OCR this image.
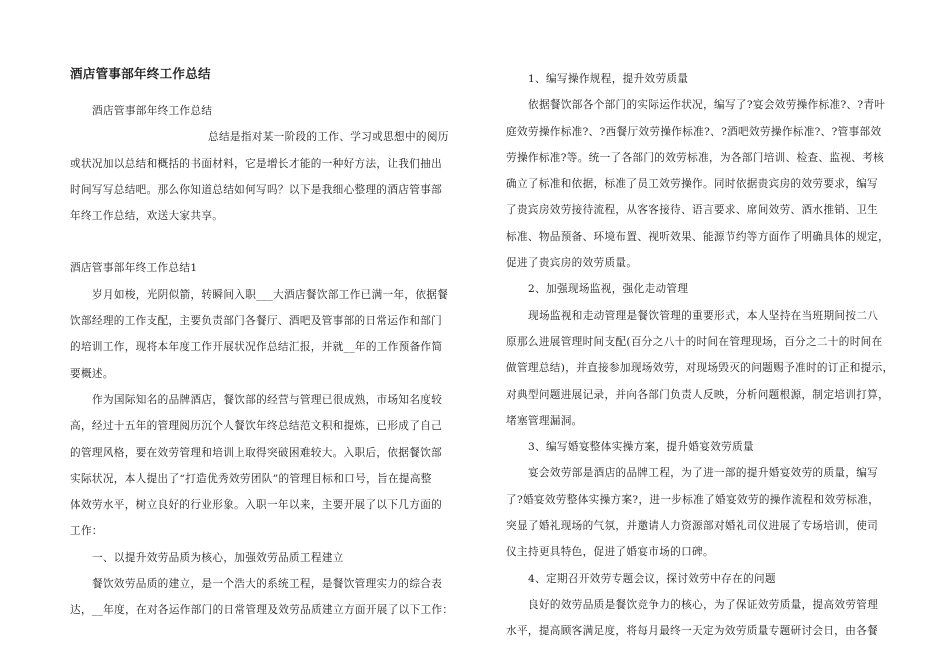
酒店管事部年终工作总结
酒店管事部年终工作总结
总结是指对某一阶段的工作、学习或思想中的阅历
或状况加以总结和概括的书面材料，它是增长才能的一种好方法，让我们抽出
时间写写总结吧。那么你知道总结如何写吗？以下是我细心整理的酒店管事部
年终工作总结，欢送大家共享。
酒店管事部年终工作总结1
岁月如梭，光阴似箭，转瞬间入职___大酒店餐饮部工作已满一年，依据餐
饮部经理的工作支配，主要负责部门各餐厅、酒吧及管事部的日常运作和部门
的培训工作，现将本年度工作开展状况作总结汇报，并就__年的工作预备作简
要概述。
作为国际知名的品牌酒店，餐饮部的经营与管理已很成熟，市场知名度较
高，经过十五年的管理阅历沉个人餐饮年终总结范文积和提炼，已形成了自己
的管理风格，要在效劳管理和培训上取得突破困难较大。入职后，依据餐饮部
实际状况，本人提出了“打造优秀效劳团队”的管理目标和口号，旨在提高整
体效劳水平，树立良好的行业形象。入职一年以来，主要开展了以下几方面的
工作：
一、以提升效劳品质为核心，加强效劳品质工程建立
餐饮效劳品质的建立，是一个浩大的系统工程，是餐饮管理实力的综合表
达，__年度，在对各运作部门的日常管理及效劳品质建立方面开展了以下工作：
1、编写操作规程，提升效劳质量
依据餐饮部各个部门的实际运作状况，编写了?宴会效劳操作标准?、?青叶
庭效劳操作标准?、?西餐厅效劳操作标准?、?酒吧效劳操作标准?、?管事部效
劳操作标准?等。统一了各部门的效劳标准，为各部门培训、检查、监视、考核
确立了标准和依据，标准了员工效劳操作。同时依据贵宾房的效劳要求，编写
了贵宾房效劳接待流程，从客客接待、语言要求、席间效劳、酒水推销、卫生
标准、物品预备、环境布置、视听效果、能源节约等方面作了明确具体的规定，
促进了贵宾房的效劳质量。
2、加强现场监视，强化走动管理
现场监视和走动管理是餐饮管理的重要形式，本人坚持在当班期间按二八
原那么进展管理时间支配(百分之八十的时间在管理现场，百分之二十的时间在
做管理总结)，并直接参加现场效劳，对现场毁灭的问题赐予准时的订正和提示，
对典型问题进展记录，并向各部门负责人反映，分析问题根源，制定培训打算，
堵塞管理漏洞。
3、编写婚宴整体实操方案，提升婚宴效劳质量
宴会效劳部是酒店的品牌工程，为了进一部的提升婚宴效劳的质量，编写
了?婚宴效劳整体实操方案?，进一步标准了婚宴效劳的操作流程和效劳标准，
突显了婚礼现场的气氛，并邀请人力资源部对婚礼司仪进展了专场培训，使司
仪主持更具特色，促进了婚宴市场的口碑。
4、定期召开效劳专题会议，探讨效劳中存在的问题
良好的效劳品质是餐饮竞争力的核心，为了保证效劳质量，提高效劳管理
水平，提高顾客满足度，将每月最终一天定为效劳质量专题研讨会日，由各餐
